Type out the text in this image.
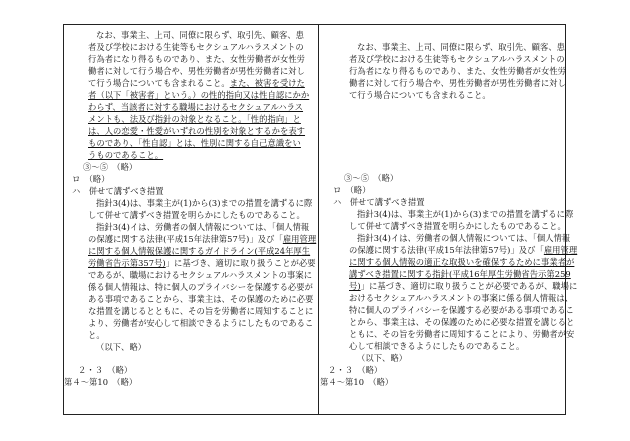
なお、事業主、上司、同僚に限らず、取引先、顧客、患
者及び学校における生徒等もセクシュアルハラスメントの
行為者になり得るものであり、また、女性労働者が女性労
働者に対して行う場合や、男性労働者が男性労働者に対し
て行う場合についても含まれること。また、被害を受けた
者（以下「被害者」という。）の性的指向又は性自認にかか
わらず、当該者に対する職場におけるセクシュアルハラス
メントも、法及び指針の対象となること。「性的指向」と
は、人の恋愛・性愛がいずれの性別を対象とするかを表す
ものであり、「性自認」とは、性別に関する自己意識をい
うものであること。
③～⑤　（略）
ロ　（略）
ハ　併せて講ずべき措置
指針3(4)は、事業主が(1)から(3)までの措置を講ずるに際
して併せて講ずべき措置を明らかにしたものであること。
指針3(4)イは、労働者の個人情報については、「個人情報
の保護に関する法律(平成15年法律第57号)」及び「雇用管理
に関する個人情報保護に関するガイドライン(平成24年厚生
労働省告示第357号)」に基づき、適切に取り扱うことが必要
であるが、職場におけるセクシュアルハラスメントの事案に
係る個人情報は、特に個人のプライバシーを保護する必要が
ある事項であることから、事業主は、その保護のために必要
な措置を講じるとともに、その旨を労働者に周知することに
より、労働者が安心して相談できるようにしたものであるこ
と。
（以下、略）
２・３　（略）
第４～第10　（略）
なお、事業主、上司、同僚に限らず、取引先、顧客、患
者及び学校における生徒等もセクシュアルハラスメントの
行為者になり得るものであり、また、女性労働者が女性労
働者に対して行う場合や、男性労働者が男性労働者に対し
て行う場合についても含まれること。
③～⑤　（略）
ロ　（略）
ハ　併せて講ずべき措置
指針3(4)は、事業主が(1)から(3)までの措置を講ずるに際
して併せて講ずべき措置を明らかにしたものであること。
指針3(4)イは、労働者の個人情報については、「個人情報
の保護に関する法律(平成15年法律第57号)」及び「雇用管理
に関する個人情報の適正な取扱いを確保するために事業者が
講ずべき措置に関する指針(平成16年厚生労働省告示第259
号)」に基づき、適切に取り扱うことが必要であるが、職場に
おけるセクシュアルハラスメントの事案に係る個人情報は、
特に個人のプライバシーを保護する必要がある事項であるこ
とから、事業主は、その保護のために必要な措置を講じると
ともに、その旨を労働者に周知することにより、労働者が安
心して相談できるようにしたものであること。
（以下、略）
２・３　（略）
第４～第10　（略）
